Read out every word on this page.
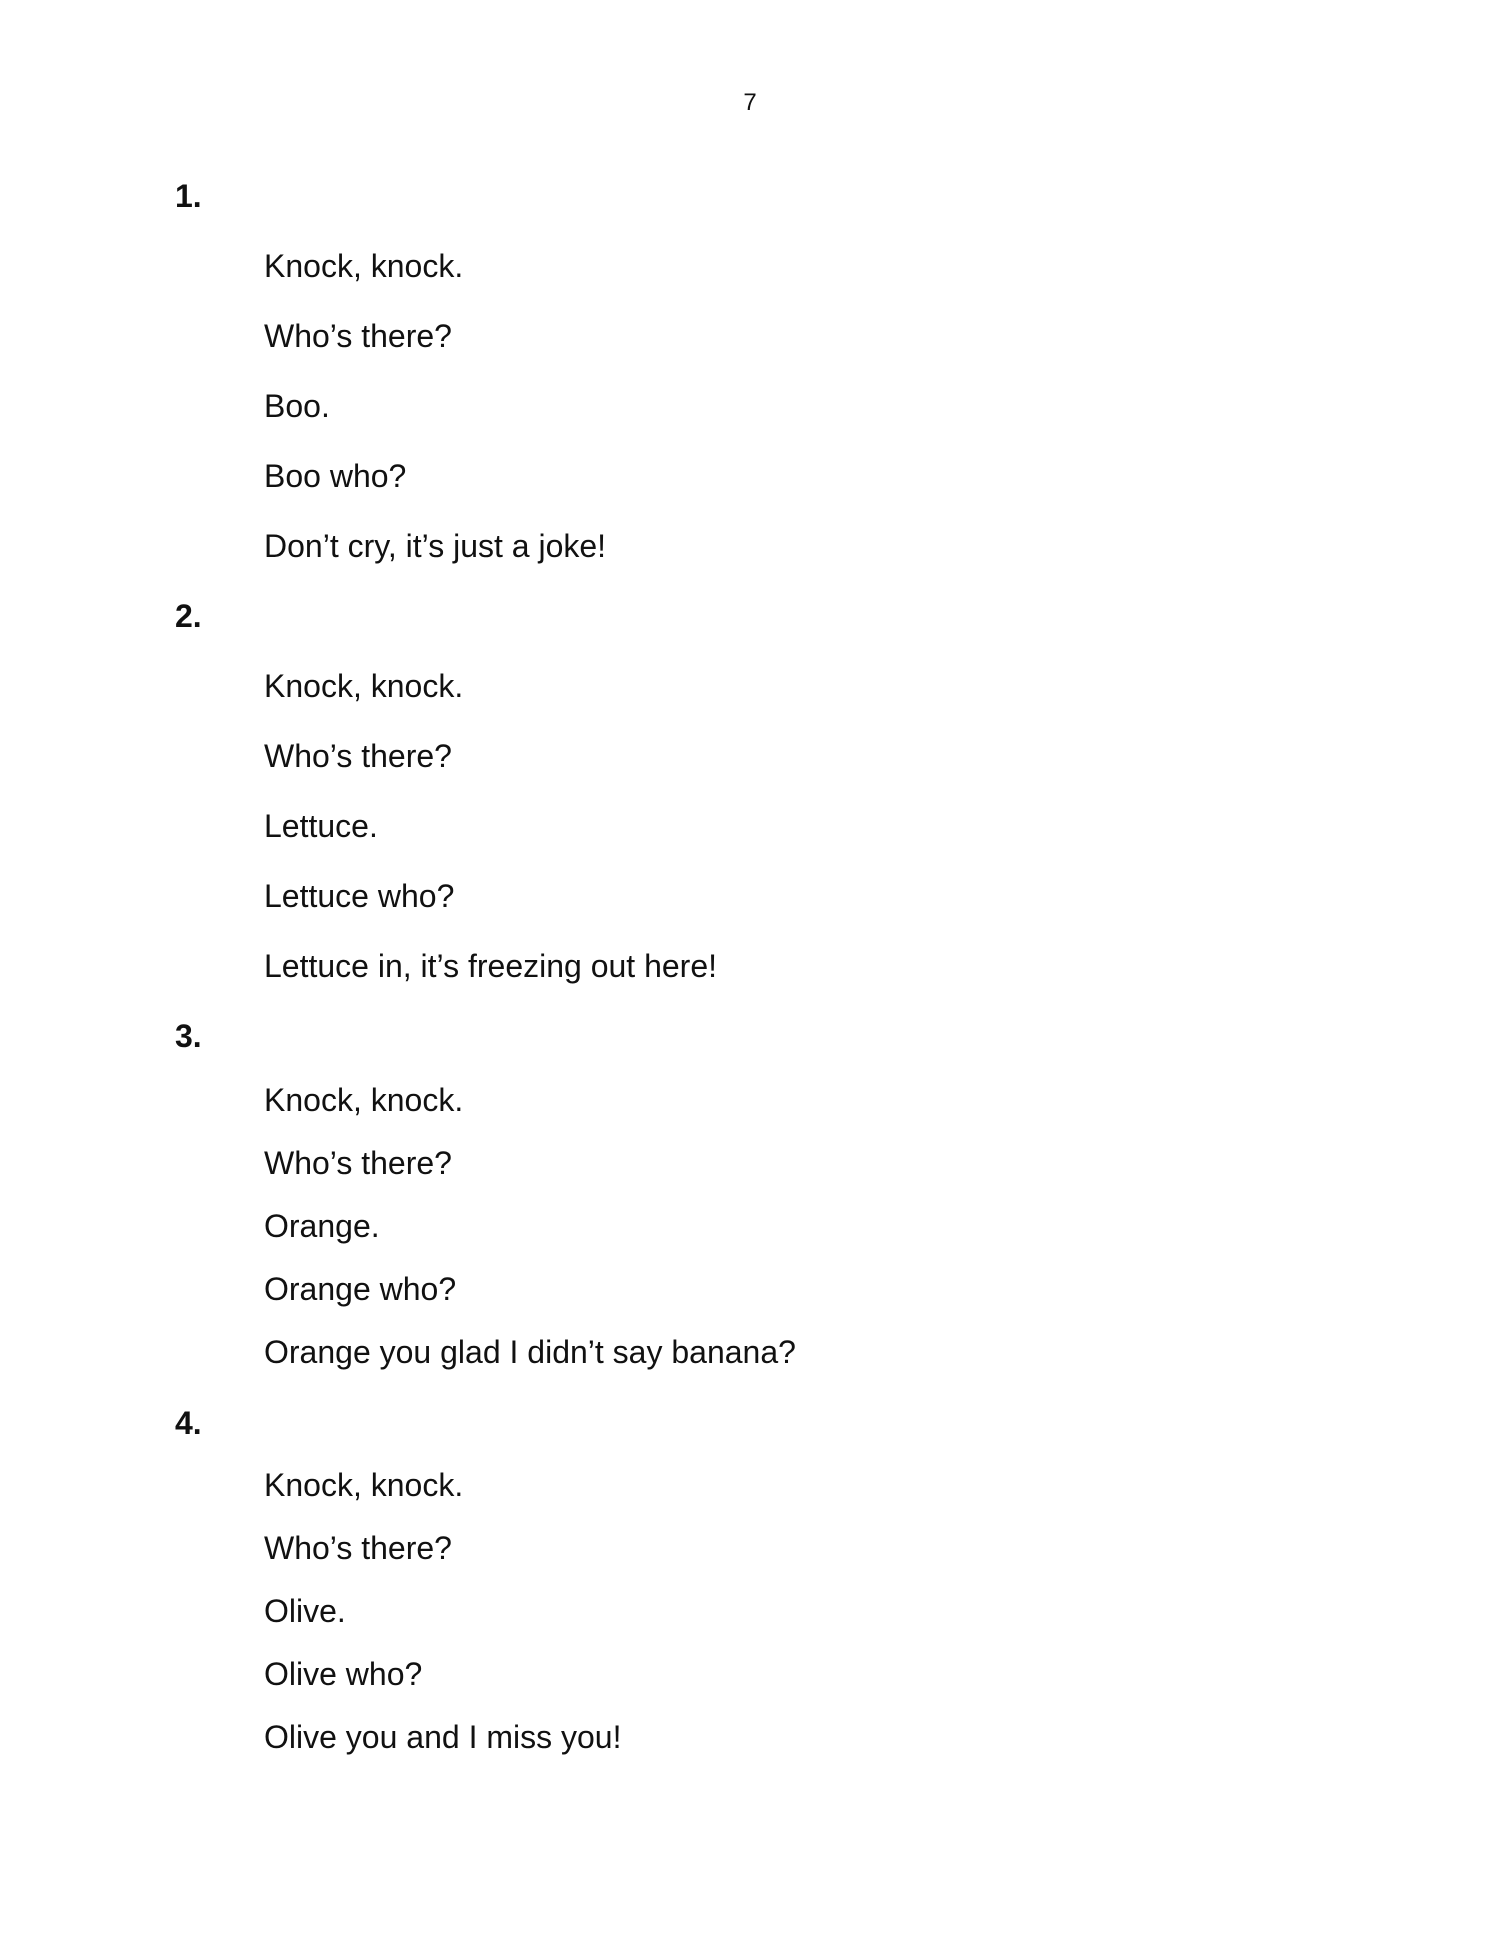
7
1.
Knock, knock.
Who’s there?
Boo.
Boo who?
Don’t cry, it’s just a joke!
2.
Knock, knock.
Who’s there?
Lettuce.
Lettuce who?
Lettuce in, it’s freezing out here!
3.
Knock, knock.
Who’s there?
Orange.
Orange who?
Orange you glad I didn’t say banana?
4.
Knock, knock.
Who’s there?
Olive.
Olive who?
Olive you and I miss you!
